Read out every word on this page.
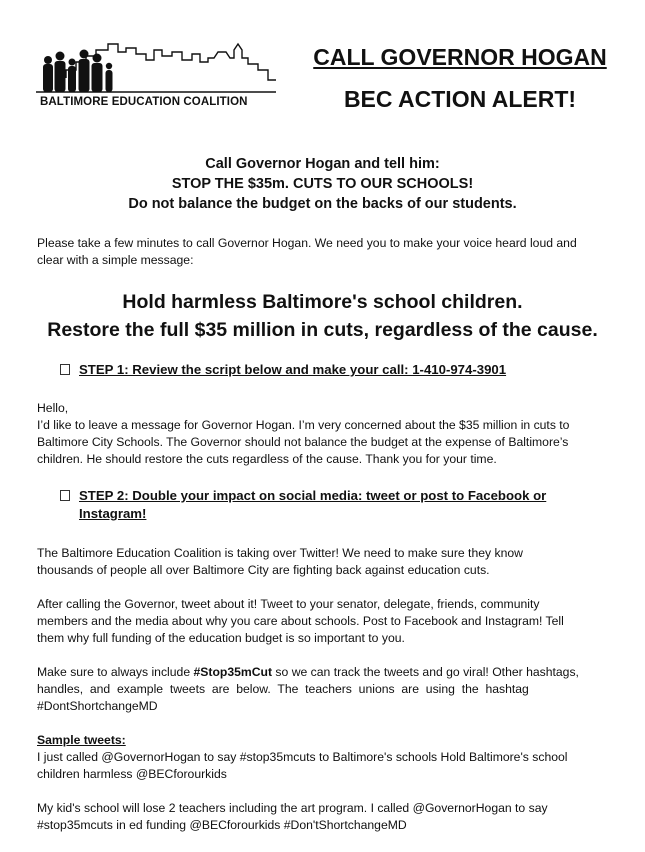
BALTIMORE EDUCATION COALITION
CALL GOVERNOR HOGAN
BEC ACTION ALERT!
Call Governor Hogan and tell him:
STOP THE $35m. CUTS TO OUR SCHOOLS!
Do not balance the budget on the backs of our students.
Please take a few minutes to call Governor Hogan. We need you to make your voice heard loud and
clear with a simple message:
Hold harmless Baltimore's school children.
Restore the full $35 million in cuts, regardless of the cause.
STEP 1: Review the script below and make your call: 1-410-974-3901
Hello,
I’d like to leave a message for Governor Hogan. I’m very concerned about the $35 million in cuts to
Baltimore City Schools. The Governor should not balance the budget at the expense of Baltimore’s
children. He should restore the cuts regardless of the cause. Thank you for your time.
STEP 2: Double your impact on social media: tweet or post to Facebook or
Instagram!
The Baltimore Education Coalition is taking over Twitter! We need to make sure they know
thousands of people all over Baltimore City are fighting back against education cuts.
After calling the Governor, tweet about it! Tweet to your senator, delegate, friends, community
members and the media about why you care about schools. Post to Facebook and Instagram! Tell
them why full funding of the education budget is so important to you.
Make sure to always include #Stop35mCut so we can track the tweets and go viral! Other hashtags,
handles, and example tweets are below. The teachers unions are using the hashtag
#DontShortchangeMD
Sample tweets:
I just called @GovernorHogan to say #stop35mcuts to Baltimore's schools Hold Baltimore's school
children harmless @BECforourkids
My kid's school will lose 2 teachers including the art program. I called @GovernorHogan to say
#stop35mcuts in ed funding @BECforourkids #Don'tShortchangeMD
